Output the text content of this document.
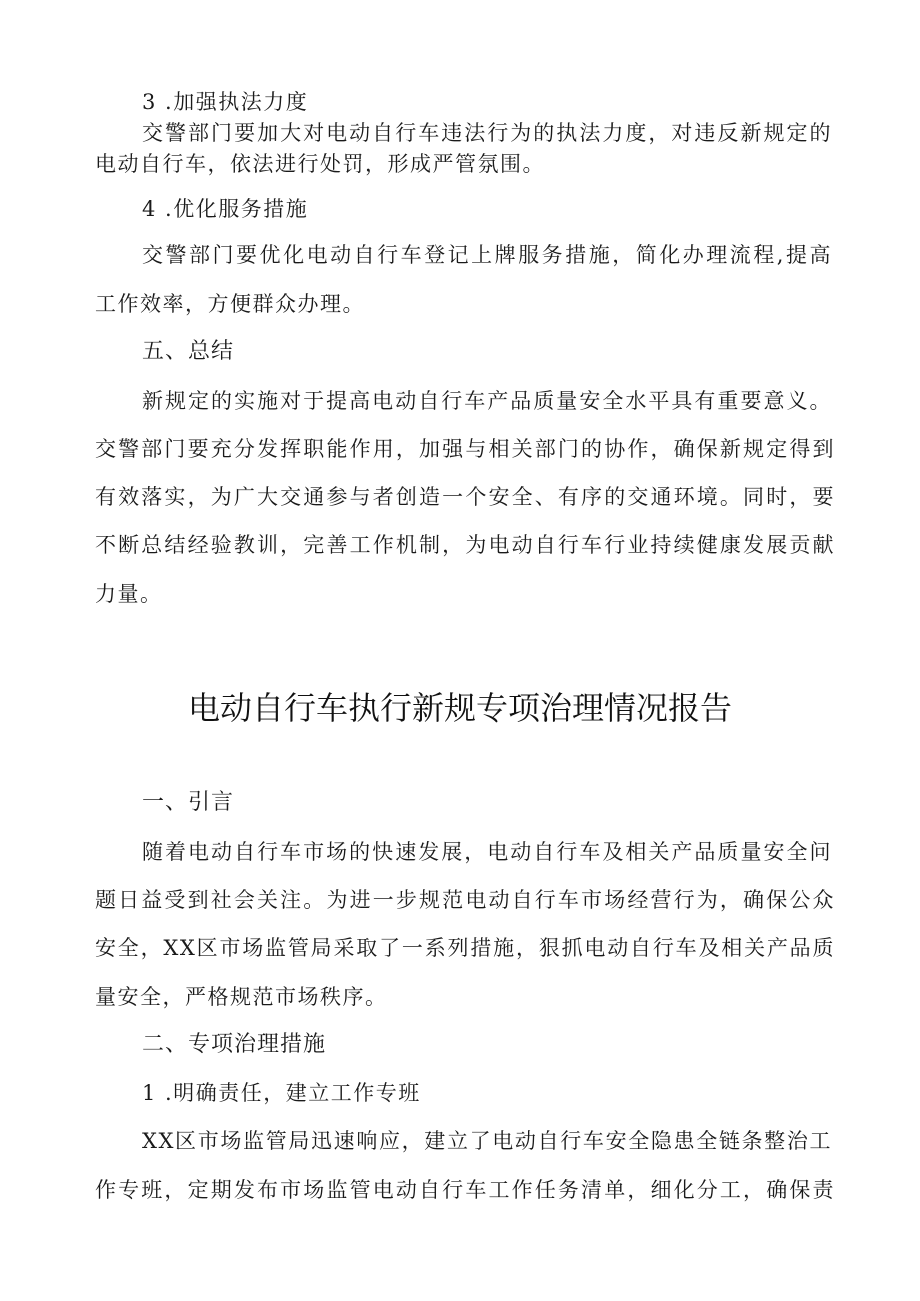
3 .加强执法力度
交警部门要加大对电动自行车违法行为的执法力度，对违反新规定的
电动自行车，依法进行处罚，形成严管氛围。
4 .优化服务措施
交警部门要优化电动自行车登记上牌服务措施，简化办理流程,提高
工作效率，方便群众办理。
五、总结
新规定的实施对于提高电动自行车产品质量安全水平具有重要意义。
交警部门要充分发挥职能作用，加强与相关部门的协作，确保新规定得到
有效落实，为广大交通参与者创造一个安全、有序的交通环境。同时，要
不断总结经验教训，完善工作机制，为电动自行车行业持续健康发展贡献
力量。
电动自行车执行新规专项治理情况报告
一、引言
随着电动自行车市场的快速发展，电动自行车及相关产品质量安全问
题日益受到社会关注。为进一步规范电动自行车市场经营行为，确保公众
安全，XX区市场监管局采取了一系列措施，狠抓电动自行车及相关产品质
量安全，严格规范市场秩序。
二、专项治理措施
1 .明确责任，建立工作专班
XX区市场监管局迅速响应，建立了电动自行车安全隐患全链条整治工
作专班，定期发布市场监管电动自行车工作任务清单，细化分工，确保责
